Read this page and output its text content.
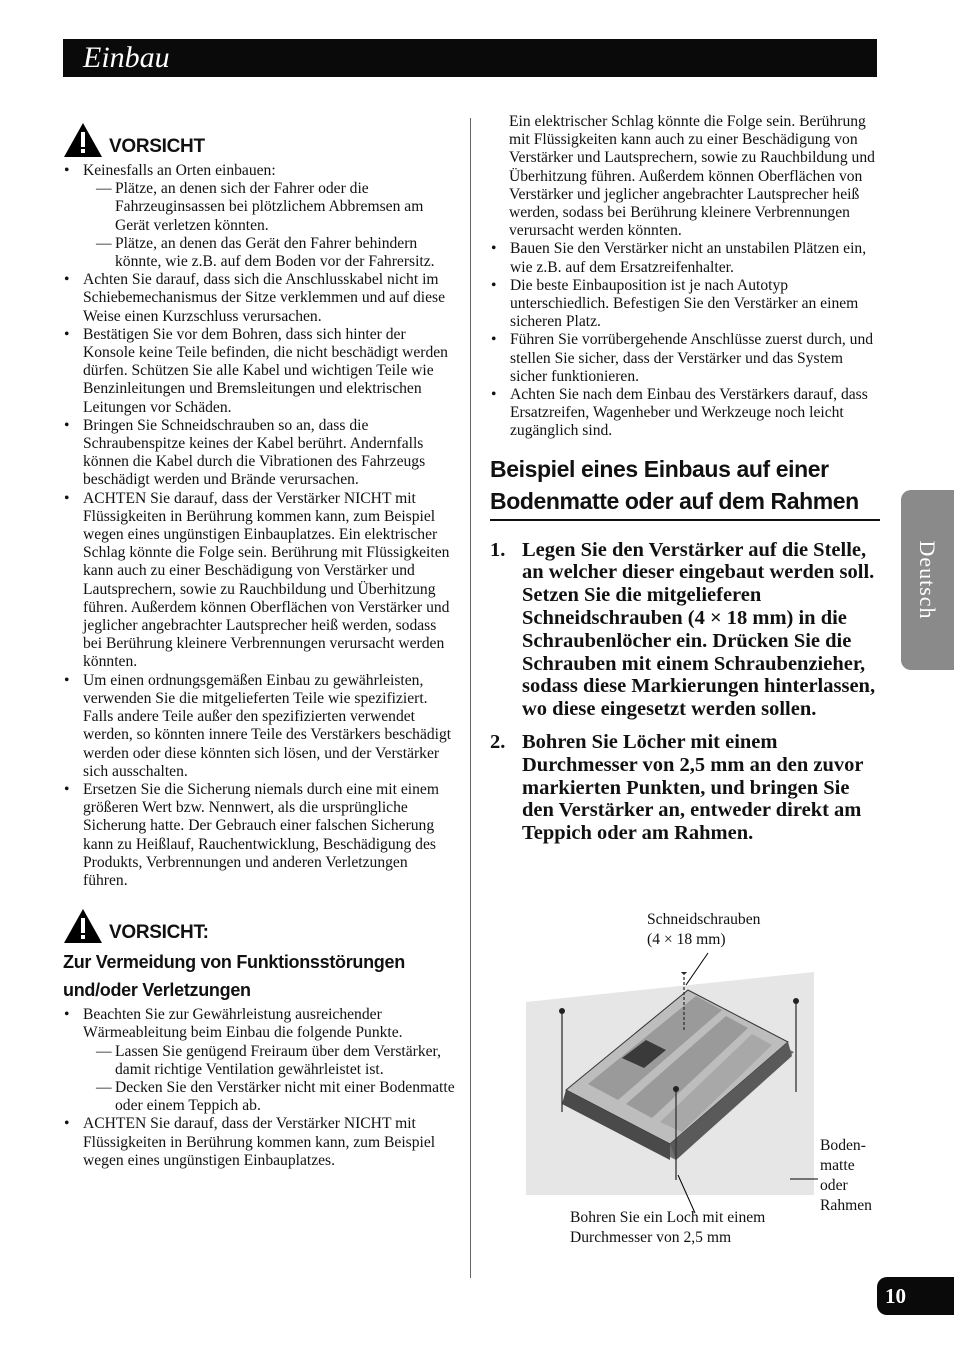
Einbau
VORSICHT
• Keinesfalls an Orten einbauen:
— Plätze, an denen sich der Fahrer oder die Fahrzeuginsassen bei plötzlichem Abbremsen am Gerät verletzen könnten.
— Plätze, an denen das Gerät den Fahrer behindern könnte, wie z.B. auf dem Boden vor der Fahrersitz.
• Achten Sie darauf, dass sich die Anschlusskabel nicht im Schiebemechanismus der Sitze verklemmen und auf diese Weise einen Kurzschluss verursachen.
• Bestätigen Sie vor dem Bohren, dass sich hinter der Konsole keine Teile befinden, die nicht beschädigt werden dürfen. Schützen Sie alle Kabel und wichtigen Teile wie Benzinleitungen und Bremsleitungen und elektrischen Leitungen vor Schäden.
• Bringen Sie Schneidschrauben so an, dass die Schraubenspitze keines der Kabel berührt. Andernfalls können die Kabel durch die Vibrationen des Fahrzeugs beschädigt werden und Brände verursachen.
• ACHTEN Sie darauf, dass der Verstärker NICHT mit Flüssigkeiten in Berührung kommen kann, zum Beispiel wegen eines ungünstigen Einbauplatzes. Ein elektrischer Schlag könnte die Folge sein. Berührung mit Flüssigkeiten kann auch zu einer Beschädigung von Verstärker und Lautsprechern, sowie zu Rauchbildung und Überhitzung führen. Außerdem können Oberflächen von Verstärker und jeglicher angebrachter Lautsprecher heiß werden, sodass bei Berührung kleinere Verbrennungen verursacht werden könnten.
• Um einen ordnungsgemäßen Einbau zu gewährleisten, verwenden Sie die mitgelieferten Teile wie spezifiziert. Falls andere Teile außer den spezifizierten verwendet werden, so könnten innere Teile des Verstärkers beschädigt werden oder diese könnten sich lösen, und der Verstärker sich ausschalten.
• Ersetzen Sie die Sicherung niemals durch eine mit einem größeren Wert bzw. Nennwert, als die ursprüngliche Sicherung hatte. Der Gebrauch einer falschen Sicherung kann zu Heißlauf, Rauchentwicklung, Beschädigung des Produkts, Verbrennungen und anderen Verletzungen führen.
VORSICHT:
Zur Vermeidung von Funktionsstörungen und/oder Verletzungen
• Beachten Sie zur Gewährleistung ausreichender Wärmeableitung beim Einbau die folgende Punkte.
— Lassen Sie genügend Freiraum über dem Verstärker, damit richtige Ventilation gewährleistet ist.
— Decken Sie den Verstärker nicht mit einer Bodenmatte oder einem Teppich ab.
• ACHTEN Sie darauf, dass der Verstärker NICHT mit Flüssigkeiten in Berührung kommen kann, zum Beispiel wegen eines ungünstigen Einbauplatzes.
Ein elektrischer Schlag könnte die Folge sein. Berührung mit Flüssigkeiten kann auch zu einer Beschädigung von Verstärker und Lautsprechern, sowie zu Rauchbildung und Überhitzung führen. Außerdem können Oberflächen von Verstärker und jeglicher angebrachter Lautsprecher heiß werden, sodass bei Berührung kleinere Verbrennungen verursacht werden könnten.
• Bauen Sie den Verstärker nicht an unstabilen Plätzen ein, wie z.B. auf dem Ersatzreifenhalter.
• Die beste Einbauposition ist je nach Autotyp unterschiedlich. Befestigen Sie den Verstärker an einem sicheren Platz.
• Führen Sie vorrübergehende Anschlüsse zuerst durch, und stellen Sie sicher, dass der Verstärker und das System sicher funktionieren.
• Achten Sie nach dem Einbau des Verstärkers darauf, dass Ersatzreifen, Wagenheber und Werkzeuge noch leicht zugänglich sind.
Beispiel eines Einbaus auf einer Bodenmatte oder auf dem Rahmen
1. Legen Sie den Verstärker auf die Stelle, an welcher dieser eingebaut werden soll. Setzen Sie die mitgelieferen Schneidschrauben (4 × 18 mm) in die Schraubenlöcher ein. Drücken Sie die Schrauben mit einem Schraubenzieher, sodass diese Markierungen hinterlassen, wo diese eingesetzt werden sollen.
2. Bohren Sie Löcher mit einem Durchmesser von 2,5 mm an den zuvor markierten Punkten, und bringen Sie den Verstärker an, entweder direkt am Teppich oder am Rahmen.
Schneidschrauben
(4 × 18 mm)
Boden-
matte
oder
Rahmen
Bohren Sie ein Loch mit einem
Durchmesser von 2,5 mm
Deutsch
10
